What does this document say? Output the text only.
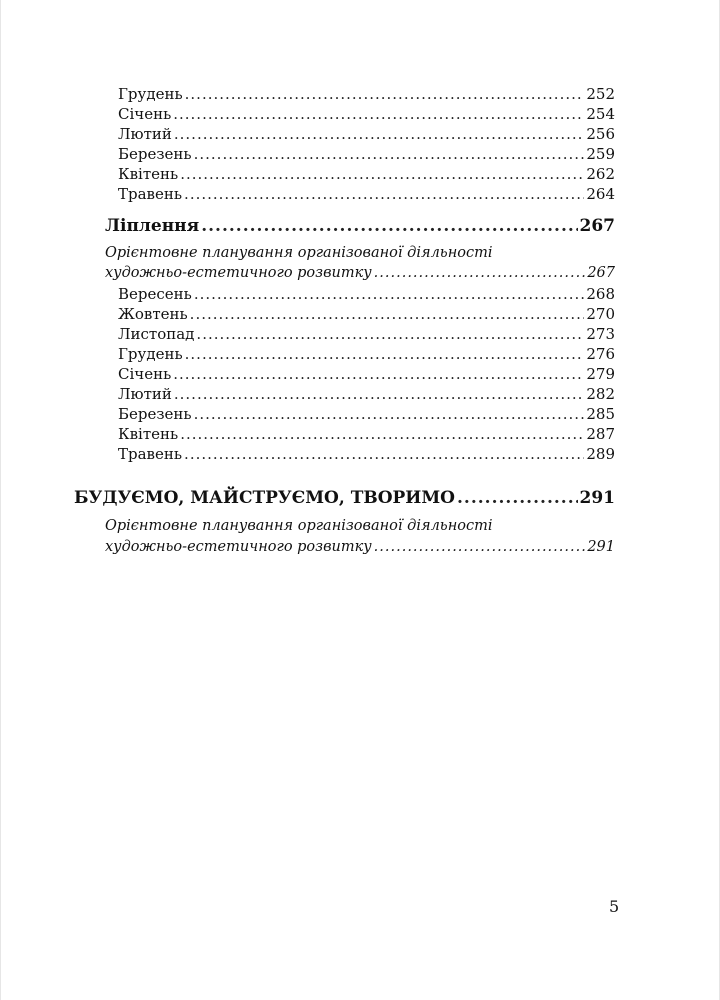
Грудень .....	252
Січень .....	254
Лютий .....	256
Березень .....	259
Квітень .....	262
Травень .....	264
Ліплення .....	267
Орієнтовне планування організованої діяльності
художньо-естетичного розвитку .....	267
Вересень .....	268
Жовтень .....	270
Листопад .....	273
Грудень .....	276
Січень .....	279
Лютий .....	282
Березень .....	285
Квітень .....	287
Травень .....	289
БУДУЄМО, МАЙСТРУЄМО, ТВОРИМО .....	291
Орієнтовне планування організованої діяльності
художньо-естетичного розвитку .....	291
5
